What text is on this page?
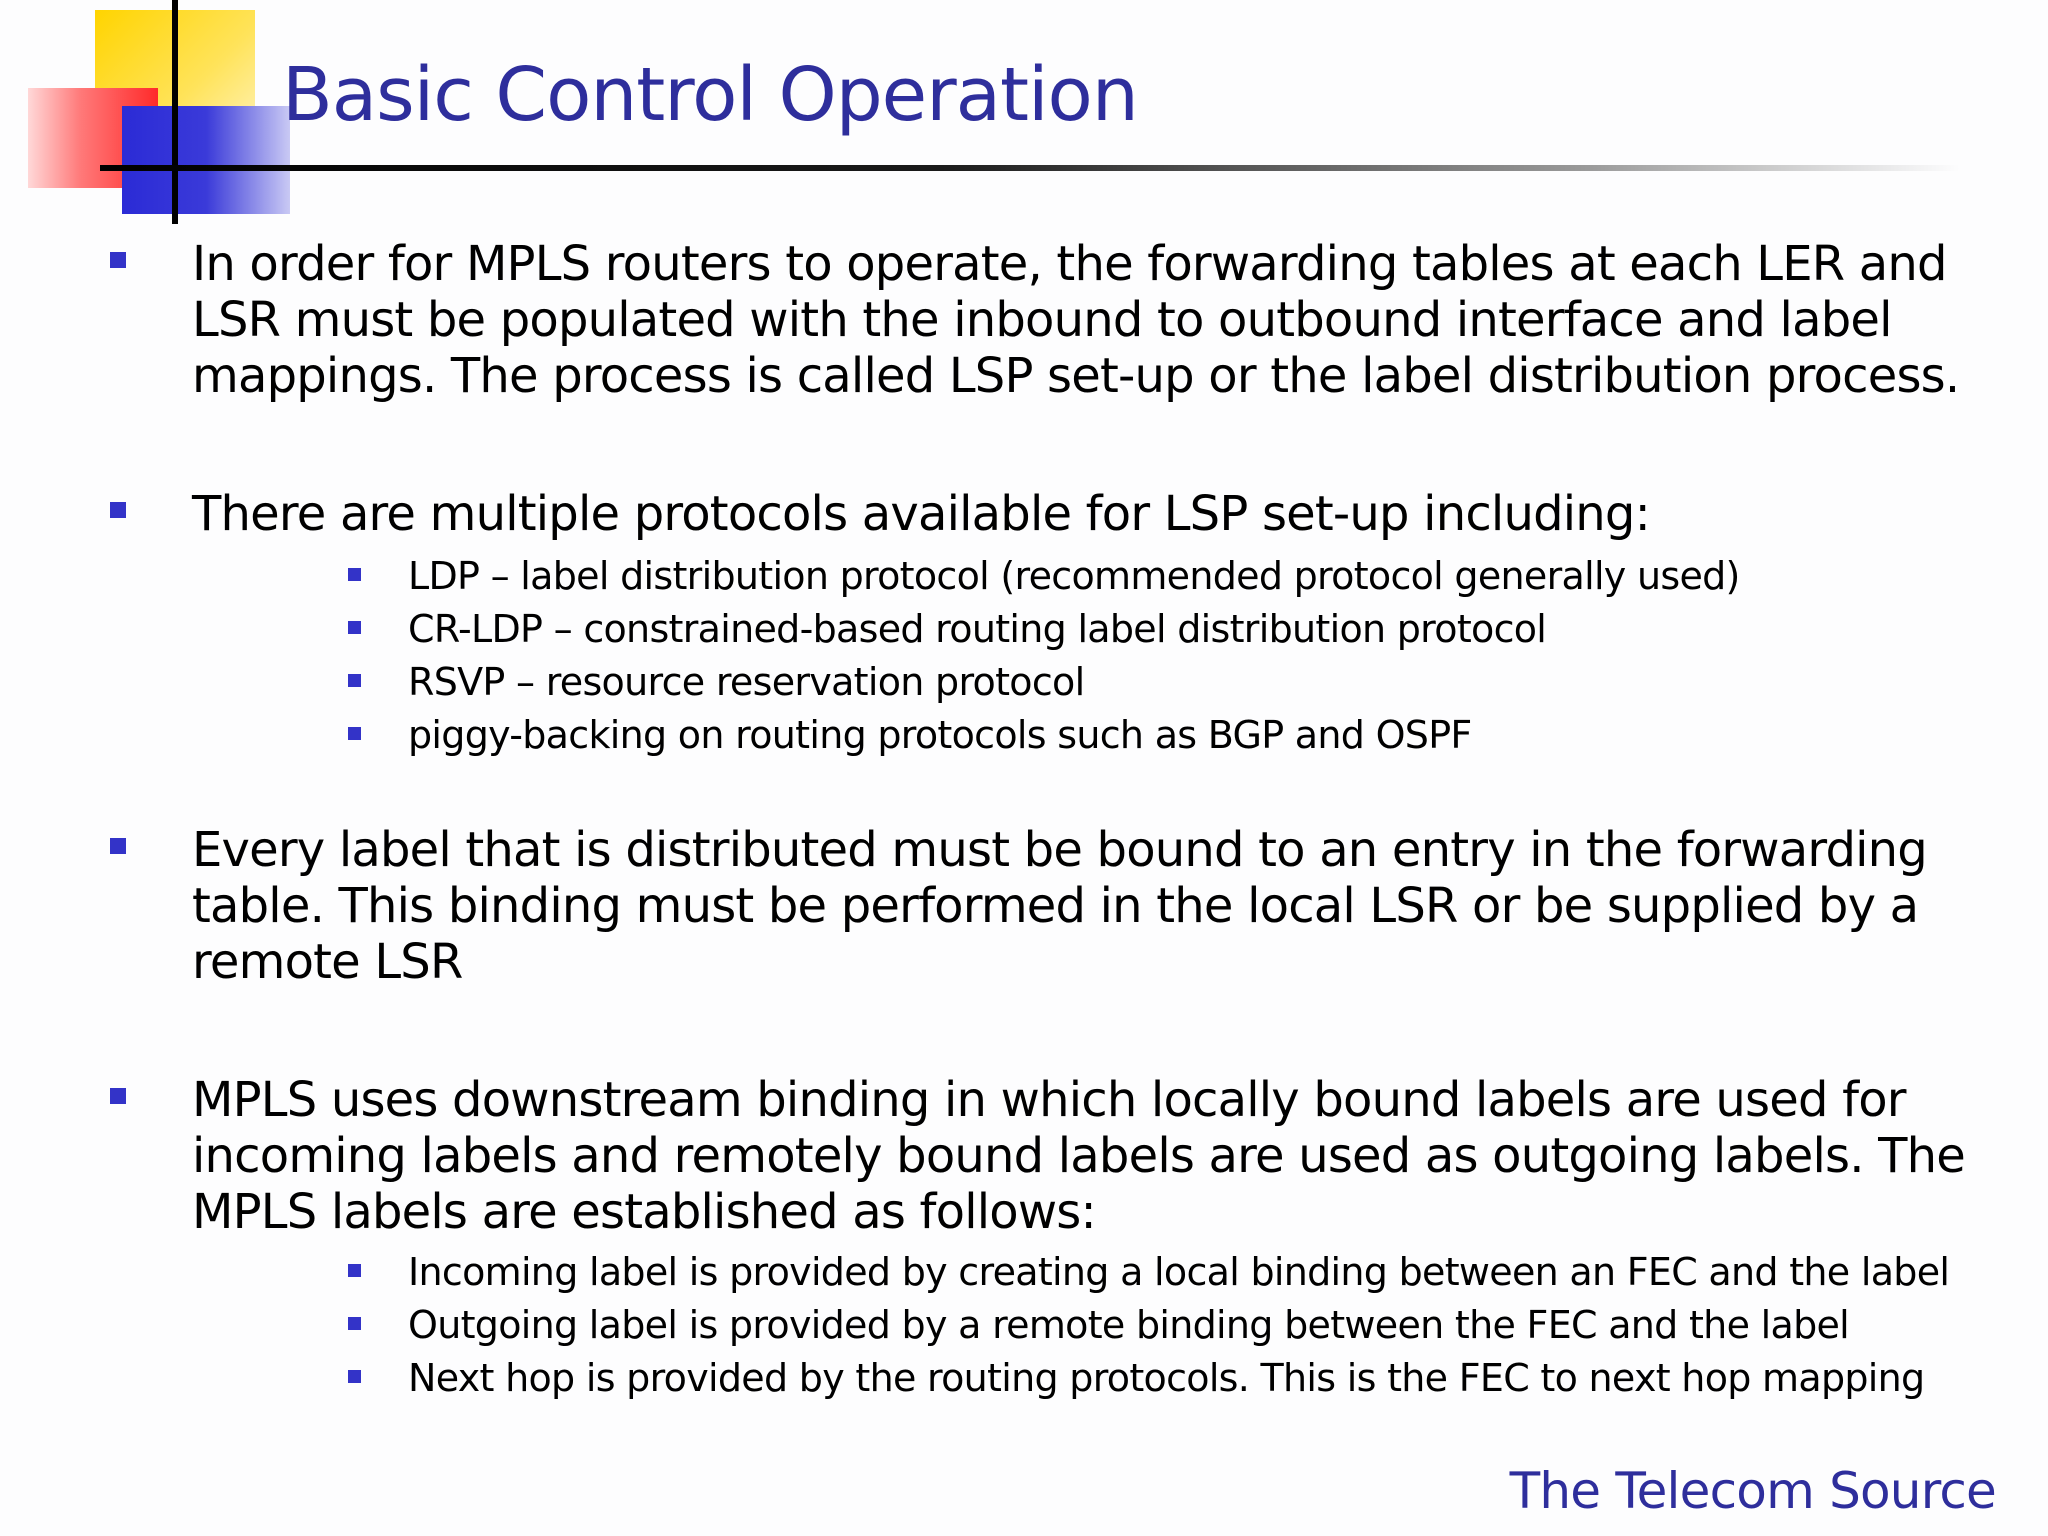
Basic Control Operation

In order for MPLS routers to operate, the forwarding tables at each LER and LSR must be populated with the inbound to outbound interface and label mappings. The process is called LSP set-up or the label distribution process.

There are multiple protocols available for LSP set-up including:

LDP – label distribution protocol (recommended protocol generally used)

CR-LDP – constrained-based routing label distribution protocol

RSVP – resource reservation protocol

piggy-backing on routing protocols such as BGP and OSPF

Every label that is distributed must be bound to an entry in the forwarding table. This binding must be performed in the local LSR or be supplied by a remote LSR

MPLS uses downstream binding in which locally bound labels are used for incoming labels and remotely bound labels are used as outgoing labels. The MPLS labels are established as follows:

Incoming label is provided by creating a local binding between an FEC and the label

Outgoing label is provided by a remote binding between the FEC and the label

Next hop is provided by the routing protocols. This is the FEC to next hop mapping

The Telecom Source
